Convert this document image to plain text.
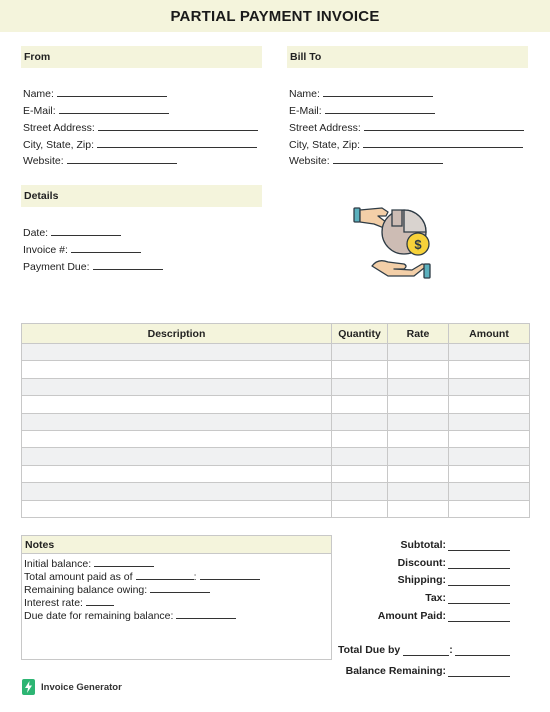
PARTIAL PAYMENT INVOICE
From
Name:
E-Mail:
Street Address:
City, State, Zip:
Website:
Bill To
Name:
E-Mail:
Street Address:
City, State, Zip:
Website:
Details
Date:
Invoice #:
Payment Due:
$
Description	Quantity	Rate	Amount

Notes
Initial balance:
Total amount paid as of	:
Remaining balance owing:
Interest rate:
Due date for remaining balance:
Subtotal:
Discount:
Shipping:
Tax:
Amount Paid:
Total Due by	:
Balance Remaining:
Invoice Generator
